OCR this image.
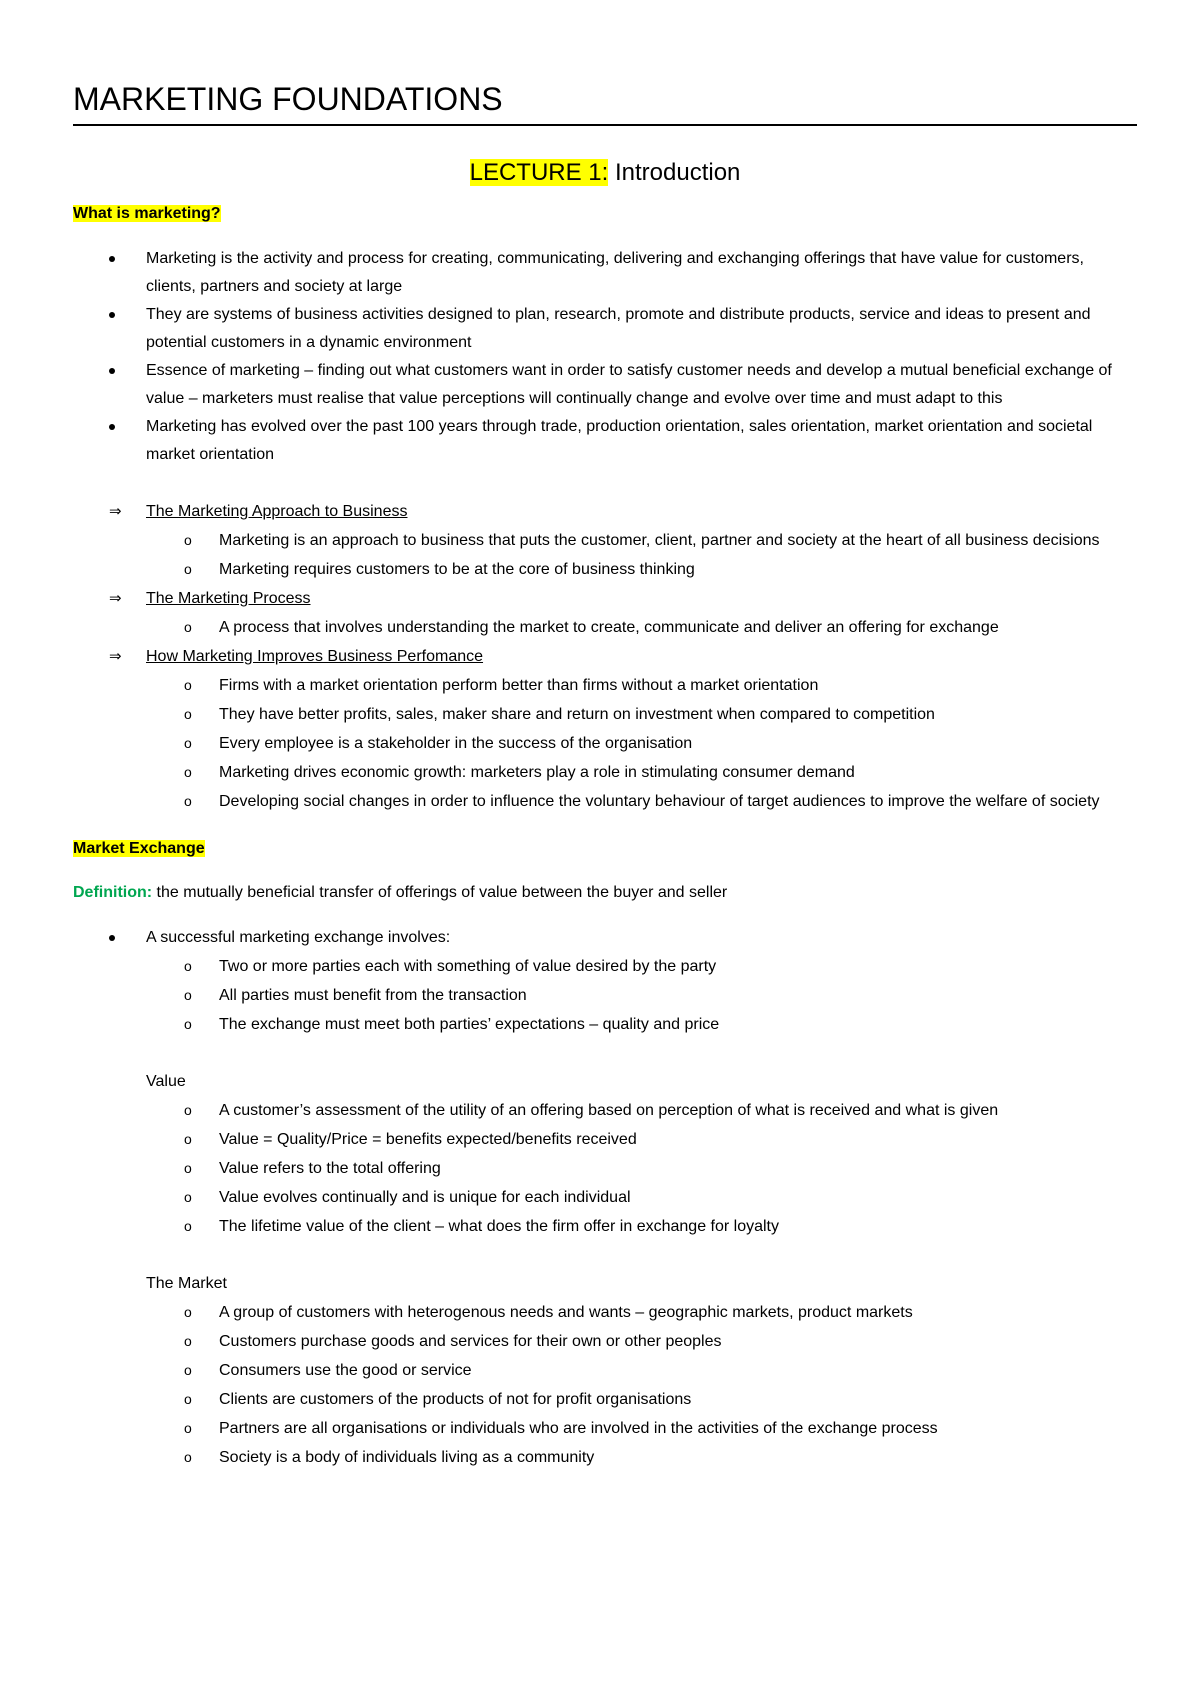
MARKETING FOUNDATIONS
LECTURE 1: Introduction
What is marketing?
Marketing is the activity and process for creating, communicating, delivering and exchanging offerings that have value for customers, clients, partners and society at large
They are systems of business activities designed to plan, research, promote and distribute products, service and ideas to present and potential customers in a dynamic environment
Essence of marketing – finding out what customers want in order to satisfy customer needs and develop a mutual beneficial exchange of value – marketers must realise that value perceptions will continually change and evolve over time and must adapt to this
Marketing has evolved over the past 100 years through trade, production orientation, sales orientation, market orientation and societal market orientation
⇒ The Marketing Approach to Business
o Marketing is an approach to business that puts the customer, client, partner and society at the heart of all business decisions
o Marketing requires customers to be at the core of business thinking
⇒ The Marketing Process
o A process that involves understanding the market to create, communicate and deliver an offering for exchange
⇒ How Marketing Improves Business Perfomance
o Firms with a market orientation perform better than firms without a market orientation
o They have better profits, sales, maker share and return on investment when compared to competition
o Every employee is a stakeholder in the success of the organisation
o Marketing drives economic growth: marketers play a role in stimulating consumer demand
o Developing social changes in order to influence the voluntary behaviour of target audiences to improve the welfare of society
Market Exchange
Definition: the mutually beneficial transfer of offerings of value between the buyer and seller
A successful marketing exchange involves:
o Two or more parties each with something of value desired by the party
o All parties must benefit from the transaction
o The exchange must meet both parties’ expectations – quality and price
Value
o A customer’s assessment of the utility of an offering based on perception of what is received and what is given
o Value = Quality/Price = benefits expected/benefits received
o Value refers to the total offering
o Value evolves continually and is unique for each individual
o The lifetime value of the client – what does the firm offer in exchange for loyalty
The Market
o A group of customers with heterogenous needs and wants – geographic markets, product markets
o Customers purchase goods and services for their own or other peoples
o Consumers use the good or service
o Clients are customers of the products of not for profit organisations
o Partners are all organisations or individuals who are involved in the activities of the exchange process
o Society is a body of individuals living as a community
